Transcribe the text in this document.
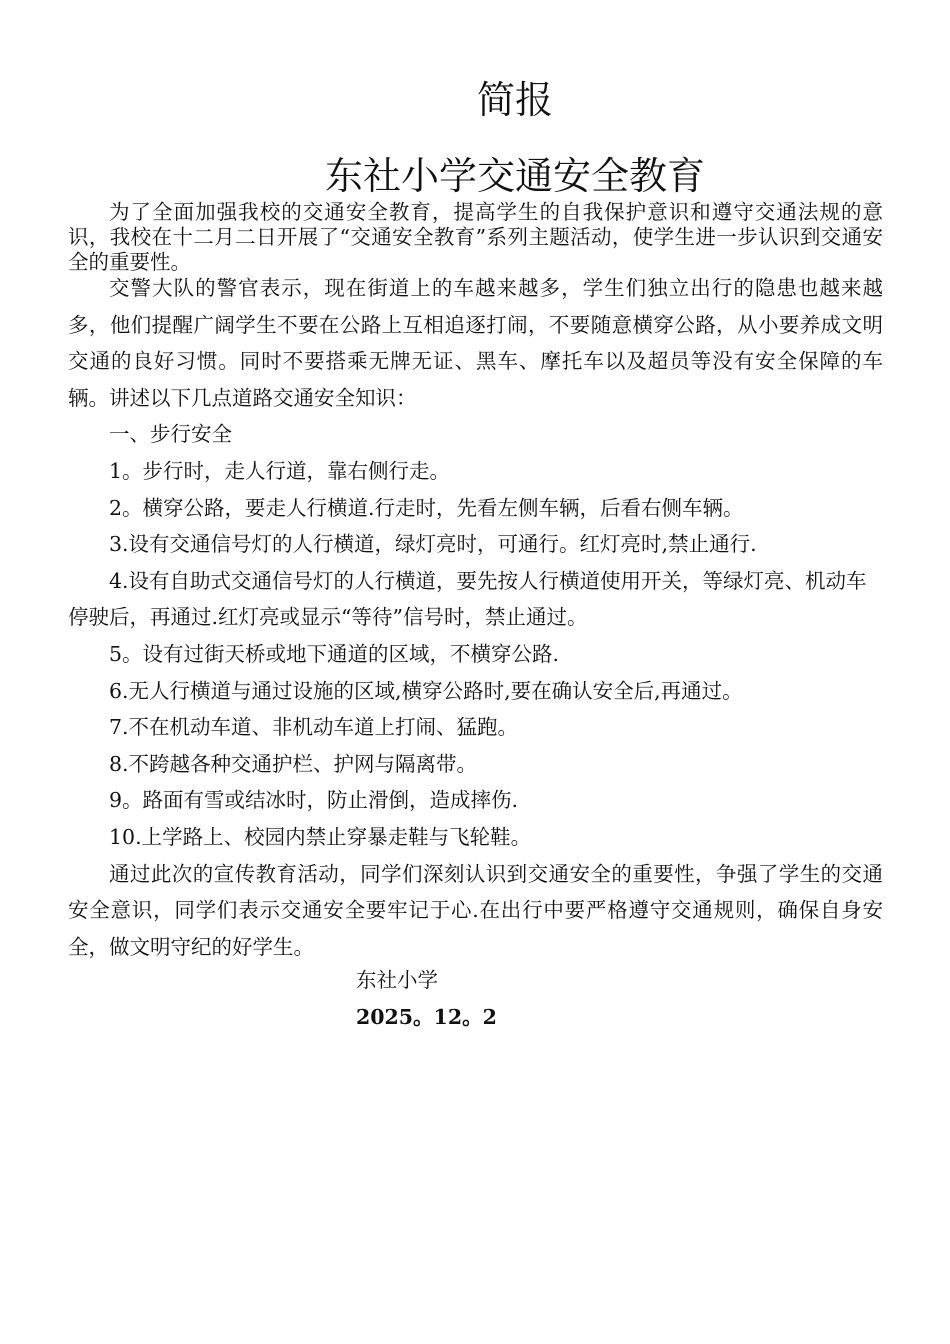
简报
东社小学交通安全教育

为了全面加强我校的交通安全教育，提高学生的自我保护意识和遵守交通法规的意识，我校在十二月二日开展了“交通安全教育”系列主题活动，使学生进一步认识到交通安全的重要性。

交警大队的警官表示，现在街道上的车越来越多，学生们独立出行的隐患也越来越多，他们提醒广阔学生不要在公路上互相追逐打闹，不要随意横穿公路，从小要养成文明交通的良好习惯。同时不要搭乘无牌无证、黑车、摩托车以及超员等没有安全保障的车辆。讲述以下几点道路交通安全知识：

一、步行安全

1。步行时，走人行道，靠右侧行走。

2。横穿公路，要走人行横道.行走时，先看左侧车辆，后看右侧车辆。

3.设有交通信号灯的人行横道，绿灯亮时，可通行。红灯亮时,禁止通行.

4.设有自助式交通信号灯的人行横道，要先按人行横道使用开关，等绿灯亮、机动车停驶后，再通过.红灯亮或显示“等待”信号时，禁止通过。

5。设有过街天桥或地下通道的区域，不横穿公路.

6.无人行横道与通过设施的区域,横穿公路时,要在确认安全后,再通过。

7.不在机动车道、非机动车道上打闹、猛跑。

8.不跨越各种交通护栏、护网与隔离带。

9。路面有雪或结冰时，防止滑倒，造成摔伤.

10.上学路上、校园内禁止穿暴走鞋与飞轮鞋。

通过此次的宣传教育活动，同学们深刻认识到交通安全的重要性，争强了学生的交通安全意识，同学们表示交通安全要牢记于心.在出行中要严格遵守交通规则，确保自身安全，做文明守纪的好学生。

东社小学
2025。12。2
